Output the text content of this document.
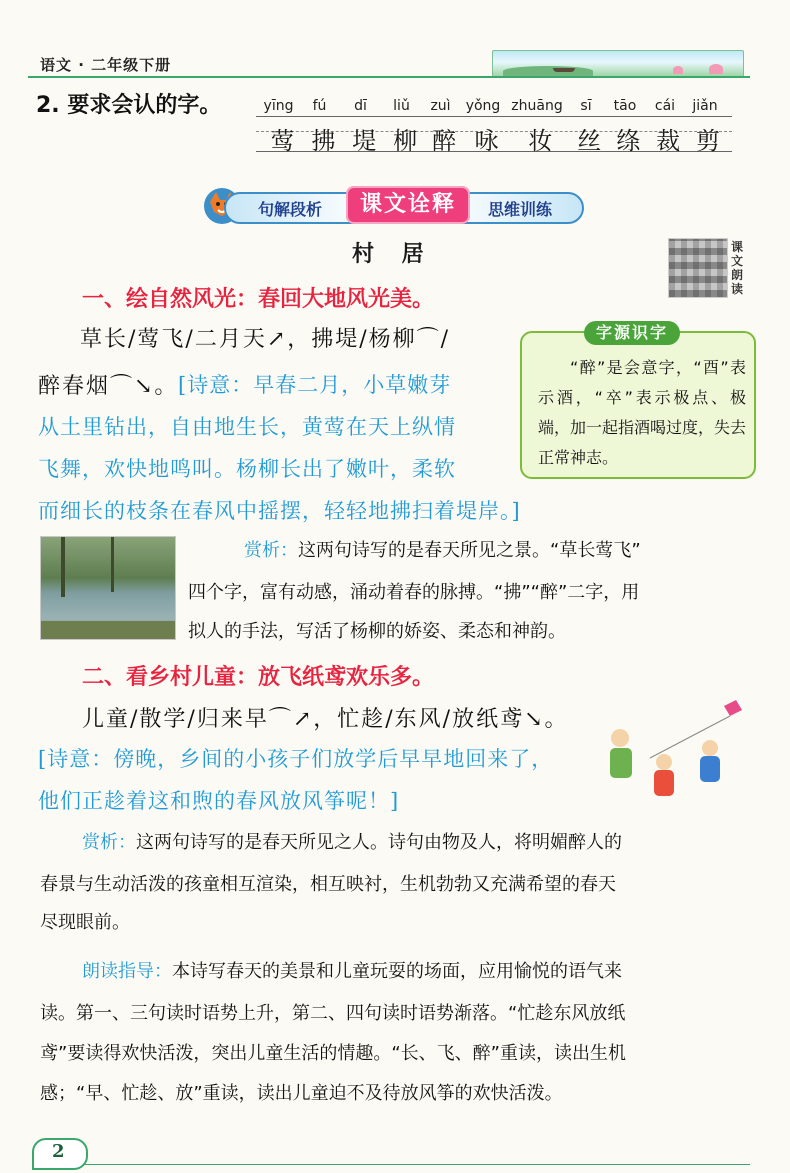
语文 · 二年级下册
2. 要求会认的字。	yīng	fú	dī	liǔ	zuì	yǒng zhuāng	sī	tāo	cái	jiǎn
莺 拂 堤 柳 醉 咏	妆	丝 绦 裁 剪
句解段析	课文诠释	思维训练
村 居	课文朗读
一、绘自然风光：春回大地风光美。
草长/莺飞/二月天↗，拂堤/杨柳⌒/
醉春烟⌒↘。 [诗意：早春二月，小草嫩芽
从土里钻出，自由地生长，黄莺在天上纵情
飞舞，欢快地鸣叫。杨柳长出了嫩叶，柔软
而细长的枝条在春风中摇摆，轻轻地拂扫着堤岸。]
字源识字
“醉”是会意字，“酉”表示酒，“卒”表示极点、极端，加一起指酒喝过度，失去正常神志。
赏析：这两句诗写的是春天所见之景。“草长莺飞”
四个字，富有动感，涌动着春的脉搏。“拂”“醉”二字，用
拟人的手法，写活了杨柳的娇姿、柔态和神韵。
二、看乡村儿童：放飞纸鸢欢乐多。
儿童/散学/归来早⌒↗，忙趁/东风/放纸鸢↘。
[诗意：傍晚，乡间的小孩子们放学后早早地回来了，
他们正趁着这和煦的春风放风筝呢！]
赏析：这两句诗写的是春天所见之人。诗句由物及人，将明媚醉人的
春景与生动活泼的孩童相互渲染，相互映衬，生机勃勃又充满希望的春天
尽现眼前。
朗读指导：本诗写春天的美景和儿童玩耍的场面，应用愉悦的语气来
读。第一、三句读时语势上升，第二、四句读时语势渐落。“忙趁东风放纸
鸢”要读得欢快活泼，突出儿童生活的情趣。“长、飞、醉”重读，读出生机
感；“早、忙趁、放”重读，读出儿童迫不及待放风筝的欢快活泼。
2
